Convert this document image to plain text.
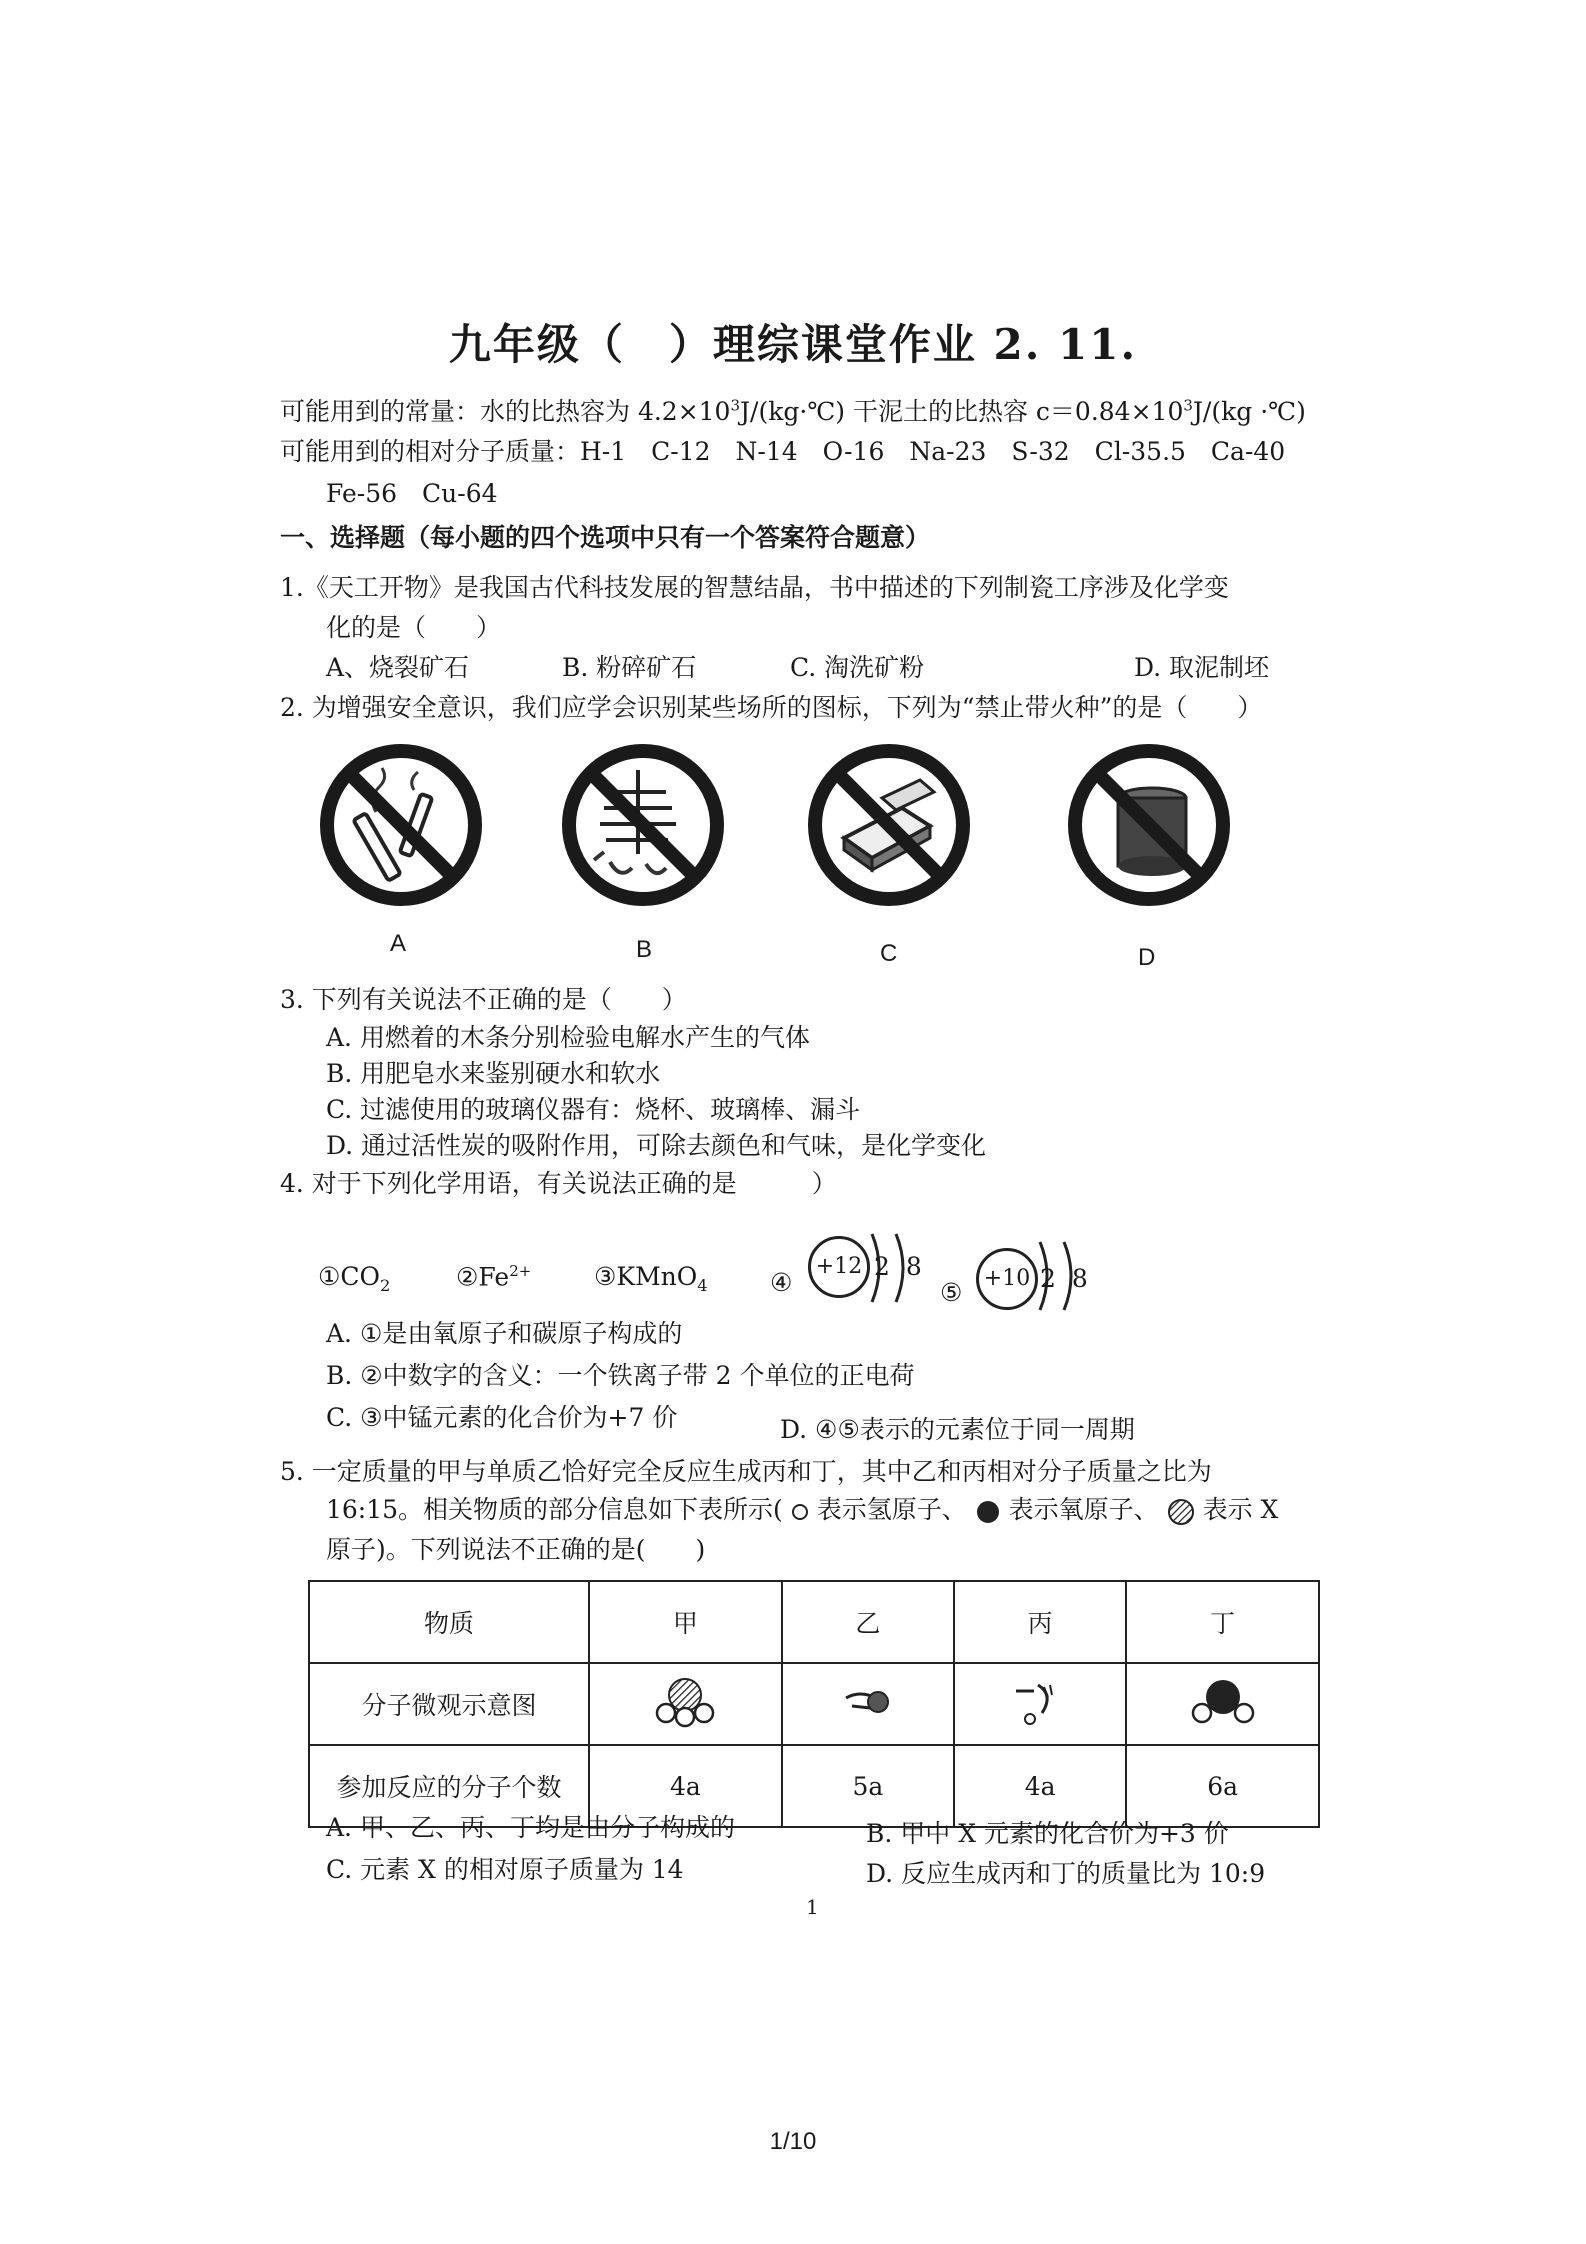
九年级（　）理综课堂作业 2. 11.
可能用到的常量：水的比热容为 $4.2\times 10^3J/(kg\cdot℃)$ 干泥土的比热容 $c=0.84\times 10^3J/(kg$ ·℃)
可能用到的相对分子质量：H-1　C-12　N-14　O-16　Na-23　S-32　Cl-35.5　Ca-40
Fe-56　Cu-64
一、选择题（每小题的四个选项中只有一个答案符合题意）
1.《天工开物》是我国古代科技发展的智慧结晶，书中描述的下列制瓷工序涉及化学变
化的是（　　）
A、烧裂矿石	B. 粉碎矿石	C. 淘洗矿粉	D. 取泥制坯
2. 为增强安全意识，我们应学会识别某些场所的图标，下列为“禁止带火种”的是（　　）
A	B	C	D
3. 下列有关说法不正确的是（　　）
A. 用燃着的木条分别检验电解水产生的气体
B. 用肥皂水来鉴别硬水和软水
C. 过滤使用的玻璃仪器有：烧杯、玻璃棒、漏斗
D. 通过活性炭的吸附作用，可除去颜色和气味，是化学变化
4. 对于下列化学用语，有关说法正确的是　　　）
$①CO_2$	$②Fe^{2+}$	③KMnO$_4$ ④
+12 2 8
⑤ +10 2 8
A. ①是由氧原子和碳原子构成的
B. ②中数字的含义：一个铁离子带 2 个单位的正电荷
C. ③中锰元素的化合价为+7 价	D. ④⑤表示的元素位于同一周期
5. 一定质量的甲与单质乙恰好完全反应生成丙和丁，其中乙和丙相对分子质量之比为
16:15。相关物质的部分信息如下表所示( 表示氢原子、 表示氧原子、 表示 X
原子)。下列说法不正确的是(　　)
物质	甲	乙	丙	丁
分子微观示意图				
参加反应的分子个数	4a	5a	4a	6a
A. 甲、乙、丙、丁均是由分子构成的	B. 甲中 X 元素的化合价为+3 价
C. 元素 X 的相对原子质量为 14	D. 反应生成丙和丁的质量比为 10:9
1
1/10
